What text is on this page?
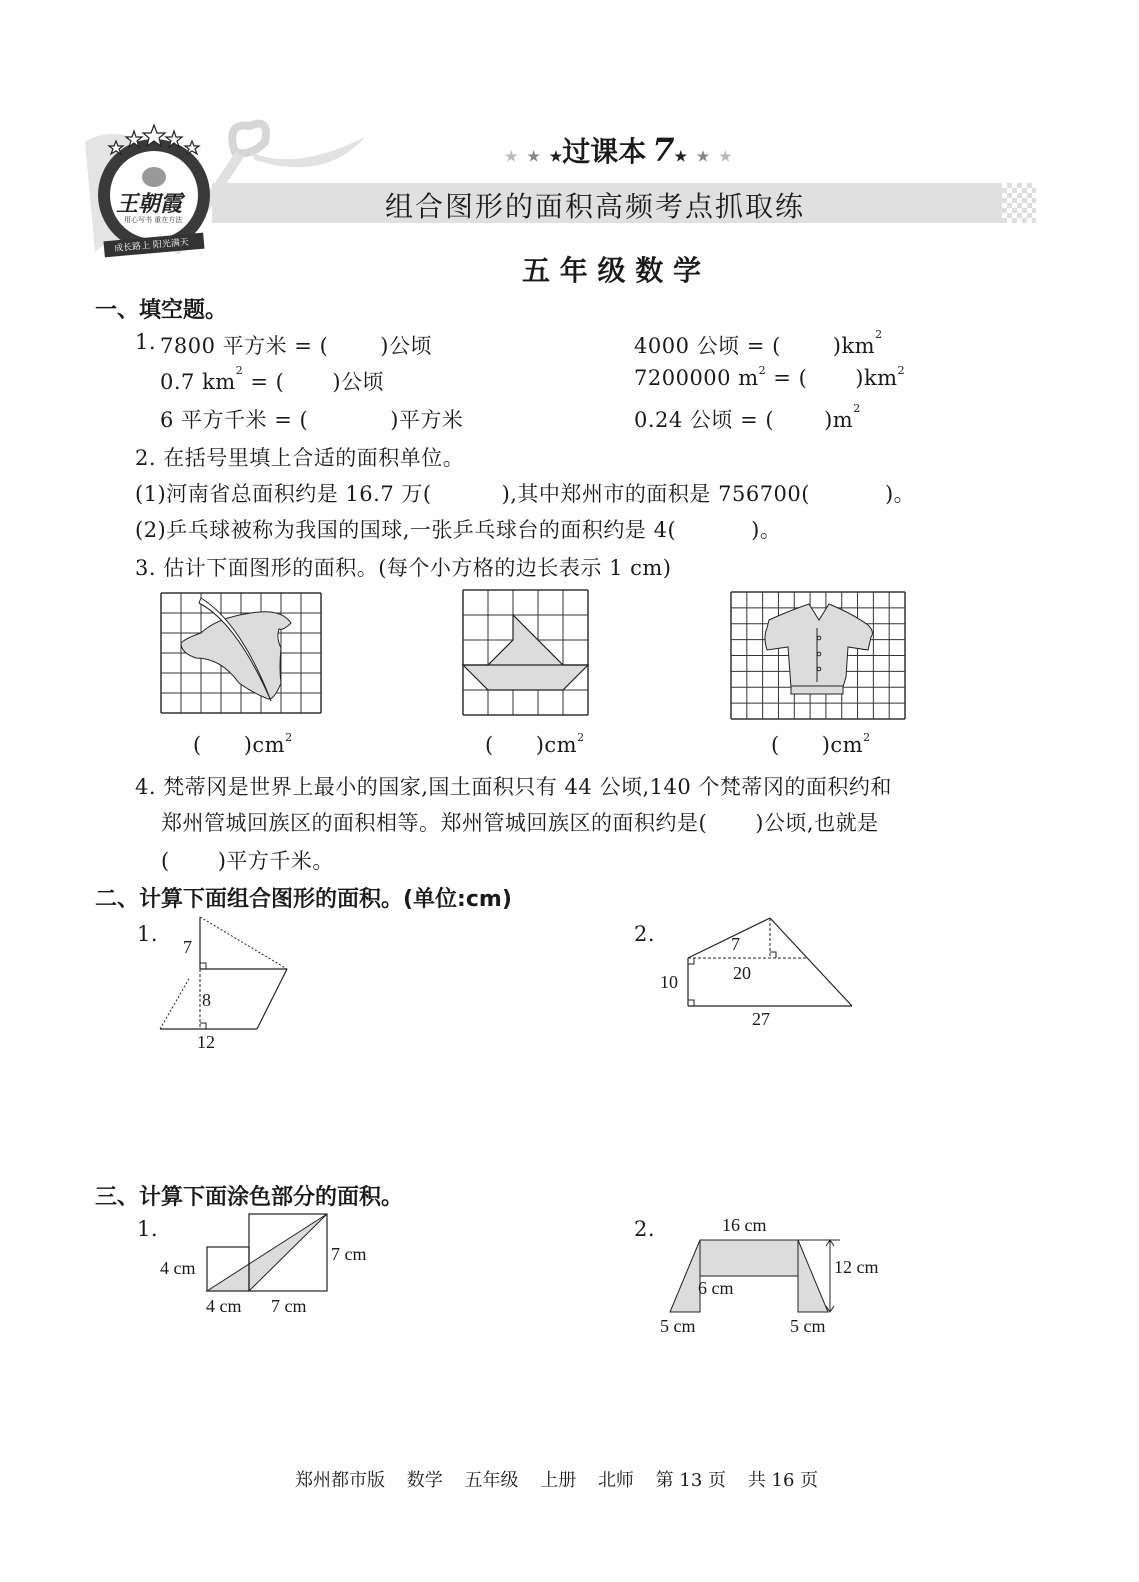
王朝霞
用心写书 重在方法
成长路上 阳光满天
★ ★ ★过课本 7★ ★ ★
组合图形的面积高频考点抓取练
五 年 级 数 学
一、填空题。
1. 7800 平方米 = ( )公顷
0.7 $km^2$ = ( )公顷
6 平方千米 = (	)平方米
4000 公顷 = ( )$km^2$
7200000 $m^2$ = ( )$km^2$
0.24 公顷 = ( )$m^2$
2. 在括号里填上合适的面积单位。
(1)河南省总面积约是 16.7 万(	),其中郑州市的面积是 756700(	)。
(2)乒乓球被称为我国的国球,一张乒乓球台的面积约是 4(	)。
3. 估计下面图形的面积。(每个小方格的边长表示 1 cm)
( )$cm^2$	( )$cm^2$	( )$cm^2$
4. 梵蒂冈是世界上最小的国家,国土面积只有 44 公顷,140 个梵蒂冈的面积约和
郑州管城回族区的面积相等。郑州管城回族区的面积约是( )公顷,也就是
( )平方千米。
二、计算下面组合图形的面积。(单位:cm)
1.
7
8
12
2.	7
20
10
27
三、计算下面涂色部分的面积。
1.
4 cm
7 cm
4 cm 7 cm
2.	16 cm
12 cm
6 cm
5 cm	5 cm
郑州都市版 数学 五年级 上册 北师 第 13 页 共 16 页
